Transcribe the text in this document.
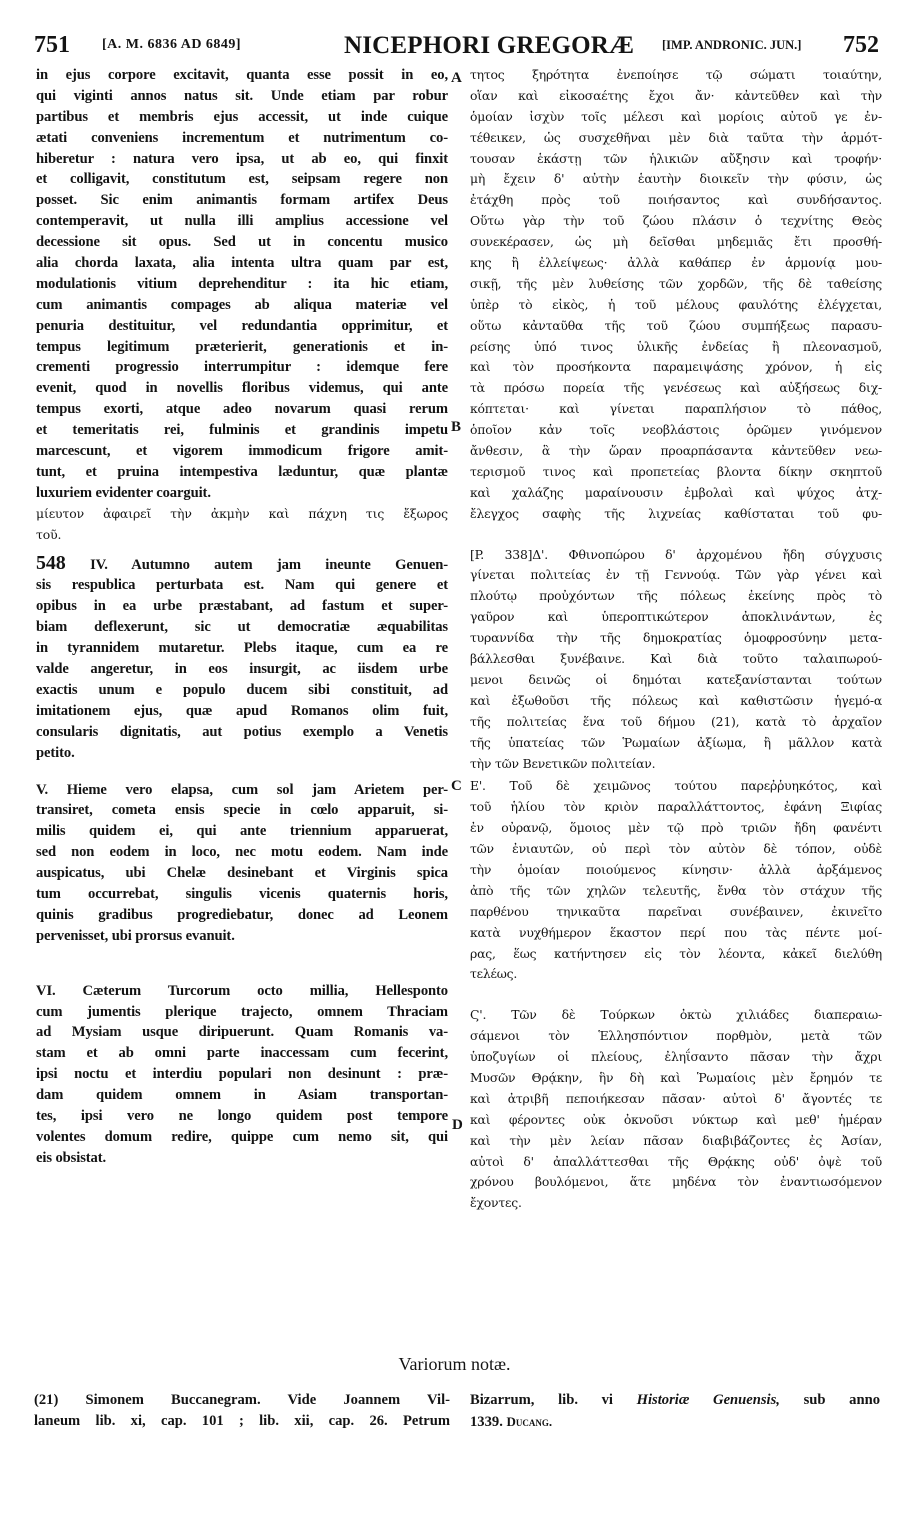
751 [A. M. 6836 AD 6849]	NICEPHORI GREGORÆ [IMP. ANDRONIC. JUN.] 752
in ejus corpore excitavit, quanta esse possit in eo,
qui viginti annos natus sit. Unde etiam par robur
partibus et membris ejus accessit, ut inde cuique
ætati conveniens incrementum et nutrimentum co-
hiberetur : natura vero ipsa, ut ab eo, qui finxit
et colligavit, constitutum est, seipsam regere non
posset. Sic enim animantis formam artifex Deus
contemperavit, ut nulla illi amplius accessione vel
decessione sit opus. Sed ut in concentu musico
alia chorda laxata, alia intenta ultra quam par est,
modulationis vitium deprehenditur : ita hic etiam,
cum animantis compages ab aliqua materiæ vel
penuria destituitur, vel redundantia opprimitur, et
tempus legitimum præterierit, generationis et in-
crementi progressio interrumpitur : idemque fere
evenit, quod in novellis floribus videmus, qui ante
tempus exorti, atque adeo novarum quasi rerum
et temeritatis rei, fulminis et grandinis impetu
marcescunt, et vigorem immodicum frigore amit-
tunt, et pruina intempestiva læduntur, quæ plantæ
luxuriem evidenter coarguit.
μίευτον ἀφαιρεῖ τὴν ἀκμὴν καὶ πάχνη τις ἔξωρος
τοῦ.
548 IV. Autumno autem jam ineunte Genuen-
sis respublica perturbata est. Nam qui genere et
opibus in ea urbe præstabant, ad fastum et super-
biam deflexerunt, sic ut democratiæ æquabilitas
in tyrannidem mutaretur. Plebs itaque, cum ea re
valde angeretur, in eos insurgit, ac iisdem urbe
exactis unum e populo ducem sibi constituit, ad
imitationem ejus, quæ apud Romanos olim fuit,
consularis dignitatis, aut potius exemplo a Venetis
petito.
V. Hieme vero elapsa, cum sol jam Arietem per-
transiret, cometa ensis specie in cœlo apparuit, si-
milis quidem ei, qui ante triennium apparuerat,
sed non eodem in loco, nec motu eodem. Nam inde
auspicatus, ubi Chelæ desinebant et Virginis spica
tum occurrebat, singulis vicenis quaternis horis,
quinis gradibus progrediebatur, donec ad Leonem
pervenisset, ubi prorsus evanuit.
VI. Cæterum Turcorum octo millia, Hellesponto
cum jumentis plerique trajecto, omnem Thraciam
ad Mysiam usque diripuerunt. Quam Romanis va-
stam et ab omni parte inaccessam cum fecerint,
ipsi noctu et interdiu populari non desinunt : præ-
dam quidem omnem in Asiam transportan-
tes, ipsi vero ne longo quidem post tempore
volentes domum redire, quippe cum nemo sit, qui
eis obsistat.
A
B
C
D
τητος ξηρότητα ἐνεποίησε τῷ σώματι τοιαύτην,
οἵαν καὶ εἰκοσαέτης ἔχοι ἄν· κἀντεῦθεν καὶ τὴν
ὁμοίαν ἰσχὺν τοῖς μέλεσι καὶ μορίοις αὐτοῦ γε ἐν-
τέθεικεν, ὡς συσχεθῆναι μὲν διὰ ταῦτα τὴν ἁρμότ-
τουσαν ἑκάστῃ τῶν ἡλικιῶν αὔξησιν καὶ τροφήν·
μὴ ἔχειν δ' αὐτὴν ἑαυτὴν διοικεῖν τὴν φύσιν, ὡς
ἐτάχθη πρὸς τοῦ ποιήσαντος καὶ συνδήσαντος.
Οὕτω γὰρ τὴν τοῦ ζώου πλάσιν ὁ τεχνίτης Θεὸς
συνεκέρασεν, ὡς μὴ δεῖσθαι μηδεμιᾶς ἔτι προσθή-
κης ἢ ἐλλείψεως· ἀλλὰ καθάπερ ἐν ἁρμονίᾳ μου-
σικῇ, τῆς μὲν λυθείσης τῶν χορδῶν, τῆς δὲ ταθείσης
ὑπὲρ τὸ εἰκὸς, ἡ τοῦ μέλους φαυλότης ἐλέγχεται,
οὕτω κἀνταῦθα τῆς τοῦ ζώου συμπήξεως παρασυ-
ρείσης ὑπό τινος ὑλικῆς ἐνδείας ἢ πλεονασμοῦ,
καὶ τὸν προσήκοντα παραμειψάσης χρόνον, ἡ εἰς
τὰ πρόσω πορεία τῆς γενέσεως καὶ αὐξήσεως διχ-
κόπτεται· καὶ γίνεται παραπλήσιον τὸ πάθος,
ὁποῖον κἀν τοῖς νεοβλάστοις ὁρῶμεν γινόμενον
ἄνθεσιν, ἃ τὴν ὥραν προαρπάσαντα κἀντεῦθεν νεω-
τερισμοῦ τινος καὶ προπετείας βλοντα δίκην σκηπτοῦ
καὶ χαλάζης μαραίνουσιν ἐμβολαὶ καὶ ψύχος ἀτχ-
ἔλεγχος σαφὴς τῆς λιχνείας καθίσταται τοῦ φυ-
[P. 338]Δ'. Φθινοπώρου δ' ἀρχομένου ἤδη σύγχυσις
γίνεται πολιτείας ἐν τῇ Γεννούᾳ. Τῶν γὰρ γένει καὶ
πλούτῳ προὐχόντων τῆς πόλεως ἐκείνης πρὸς τὸ
γαῦρον καὶ ὑπεροπτικώτερον ἀποκλινάντων, ἐς
τυραννίδα τὴν τῆς δημοκρατίας ὁμοφροσύνην μετα-
βάλλεσθαι ξυνέβαινε. Καὶ διὰ τοῦτο ταλαιπωρού-
μενοι δεινῶς οἱ δημόται κατεξανίστανται τούτων
καὶ ἐξωθοῦσι τῆς πόλεως καὶ καθιστῶσιν ἡγεμό-α
τῆς πολιτείας ἕνα τοῦ δήμου (21), κατὰ τὸ ἀρχαῖον
τῆς ὑπατείας τῶν Ῥωμαίων ἀξίωμα, ἢ μᾶλλον κατὰ
τὴν τῶν Βενετικῶν πολιτείαν.
Ε'. Τοῦ δὲ χειμῶνος τούτου παρεῤῥυηκότος, καὶ
τοῦ ἡλίου τὸν κριὸν παραλλάττοντος, ἐφάνη Ξιφίας
ἐν οὐρανῷ, ὅμοιος μὲν τῷ πρὸ τριῶν ἤδη φανέντι
τῶν ἐνιαυτῶν, οὐ περὶ τὸν αὐτὸν δὲ τόπον, οὐδὲ
τὴν ὁμοίαν ποιούμενος κίνησιν· ἀλλὰ ἀρξάμενος
ἀπὸ τῆς τῶν χηλῶν τελευτῆς, ἔνθα τὸν στάχυν τῆς
παρθένου τηνικαῦτα παρεῖναι συνέβαινεν, ἐκινεῖτο
κατὰ νυχθήμερον ἕκαστον περί που τὰς πέντε μοί-
ρας, ἕως κατήντησεν εἰς τὸν λέοντα, κἀκεῖ διελύθη
τελέως.
Ϛ'. Τῶν δὲ Τούρκων ὀκτὼ χιλιάδες διαπεραιω-
σάμενοι τὸν Ἑλλησπόντιον πορθμὸν, μετὰ τῶν
ὑποζυγίων οἱ πλείους, ἐληΐσαντο πᾶσαν τὴν ἄχρι
Μυσῶν Θρᾴκην, ἣν δὴ καὶ Ῥωμαίοις μὲν ἔρημόν τε
καὶ ἀτριβῆ πεποιήκεσαν πᾶσαν· αὐτοὶ δ' ἄγοντές τε
καὶ φέροντες οὐκ ὀκνοῦσι νύκτωρ καὶ μεθ' ἡμέραν
καὶ τὴν μὲν λείαν πᾶσαν διαβιβάζοντες ἐς Ἀσίαν,
αὐτοὶ δ' ἀπαλλάττεσθαι τῆς Θρᾴκης οὐδ' ὀψὲ τοῦ
χρόνου βουλόμενοι, ἅτε μηδένα τὸν ἐναντιωσόμενον
ἔχοντες.
Variorum notæ.
(21) Simonem Buccanegram. Vide Joannem Vil-
laneum lib. xi, cap. 101 ; lib. xii, cap. 26. Petrum
Bizarrum, lib. vi Historiæ Genuensis, sub anno
1339. Ducang.
